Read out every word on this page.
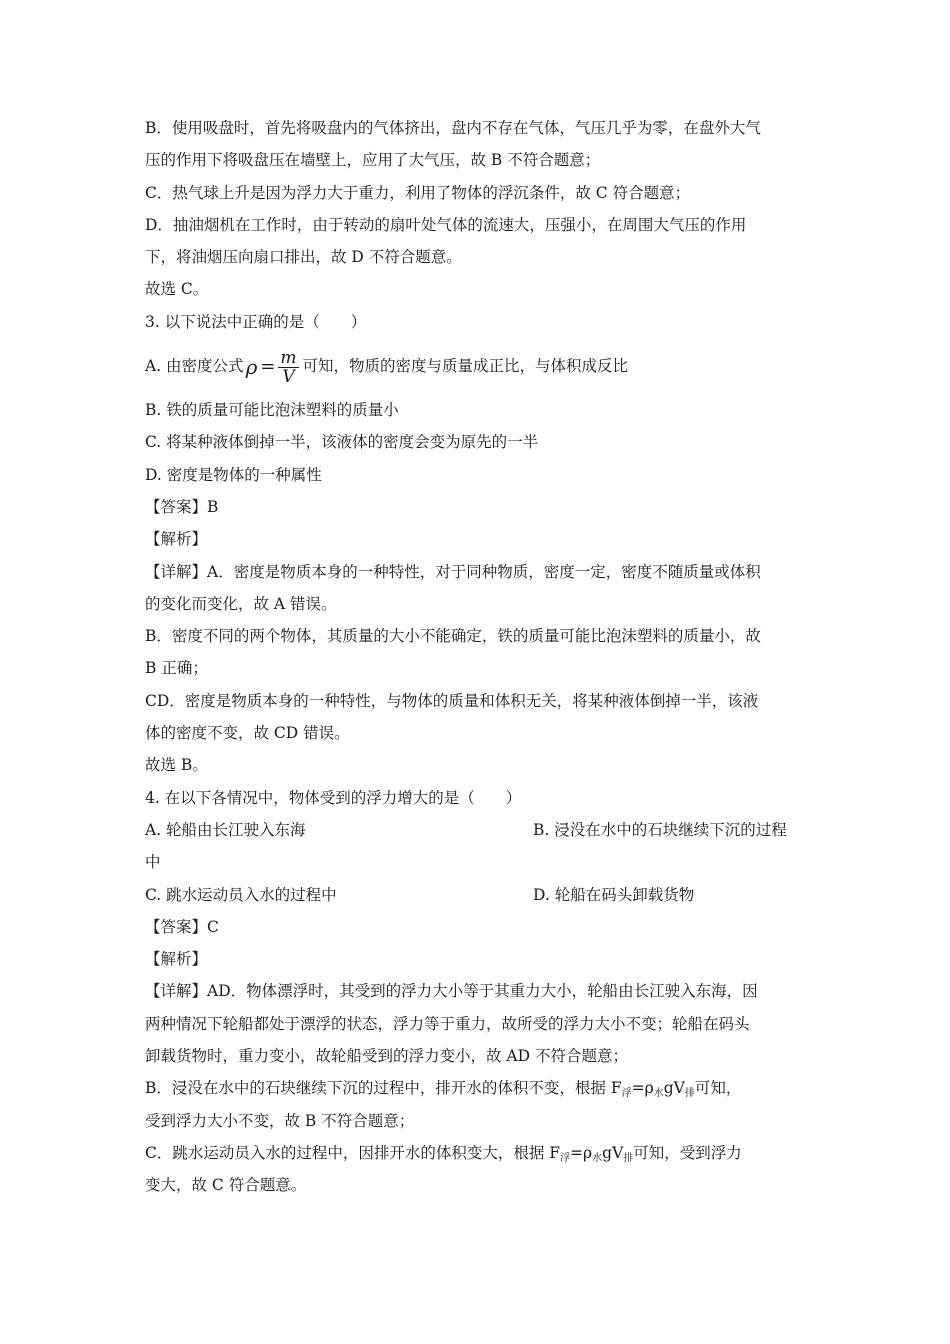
B．使用吸盘时，首先将吸盘内的气体挤出，盘内不存在气体，气压几乎为零，在盘外大气
压的作用下将吸盘压在墙壁上，应用了大气压，故 B 不符合题意；
C．热气球上升是因为浮力大于重力，利用了物体的浮沉条件，故 C 符合题意；
D．抽油烟机在工作时，由于转动的扇叶处气体的流速大，压强小，在周围大气压的作用
下，将油烟压向扇口排出，故 D 不符合题意。
故选 C。
3. 以下说法中正确的是（　　）
A. 由密度公式 $\rho = \frac{m}{V}$ 可知，物质的密度与质量成正比，与体积成反比
B. 铁的质量可能比泡沫塑料的质量小
C. 将某种液体倒掉一半，该液体的密度会变为原先的一半
D. 密度是物体的一种属性
【答案】B
【解析】
【详解】A．密度是物质本身的一种特性，对于同种物质，密度一定，密度不随质量或体积
的变化而变化，故 A 错误。
B．密度不同的两个物体，其质量的大小不能确定，铁的质量可能比泡沫塑料的质量小，故
B 正确；
CD．密度是物质本身的一种特性，与物体的质量和体积无关，将某种液体倒掉一半，该液
体的密度不变，故 CD 错误。
故选 B。
4. 在以下各情况中，物体受到的浮力增大的是（　　）
A. 轮船由长江驶入东海	B. 浸没在水中的石块继续下沉的过程
中
C. 跳水运动员入水的过程中	D. 轮船在码头卸载货物
【答案】C
【解析】
【详解】AD．物体漂浮时，其受到的浮力大小等于其重力大小，轮船由长江驶入东海，因
两种情况下轮船都处于漂浮的状态，浮力等于重力，故所受的浮力大小不变；轮船在码头
卸载货物时，重力变小，故轮船受到的浮力变小，故 AD 不符合题意；
B．浸没在水中的石块继续下沉的过程中，排开水的体积不变，根据 $F_浮=\rho_水gV_排$可知，
受到浮力大小不变，故 B 不符合题意；
C．跳水运动员入水的过程中，因排开水的体积变大，根据 $F_浮=\rho_水gV_排$可知，受到浮力
变大，故 C 符合题意。
